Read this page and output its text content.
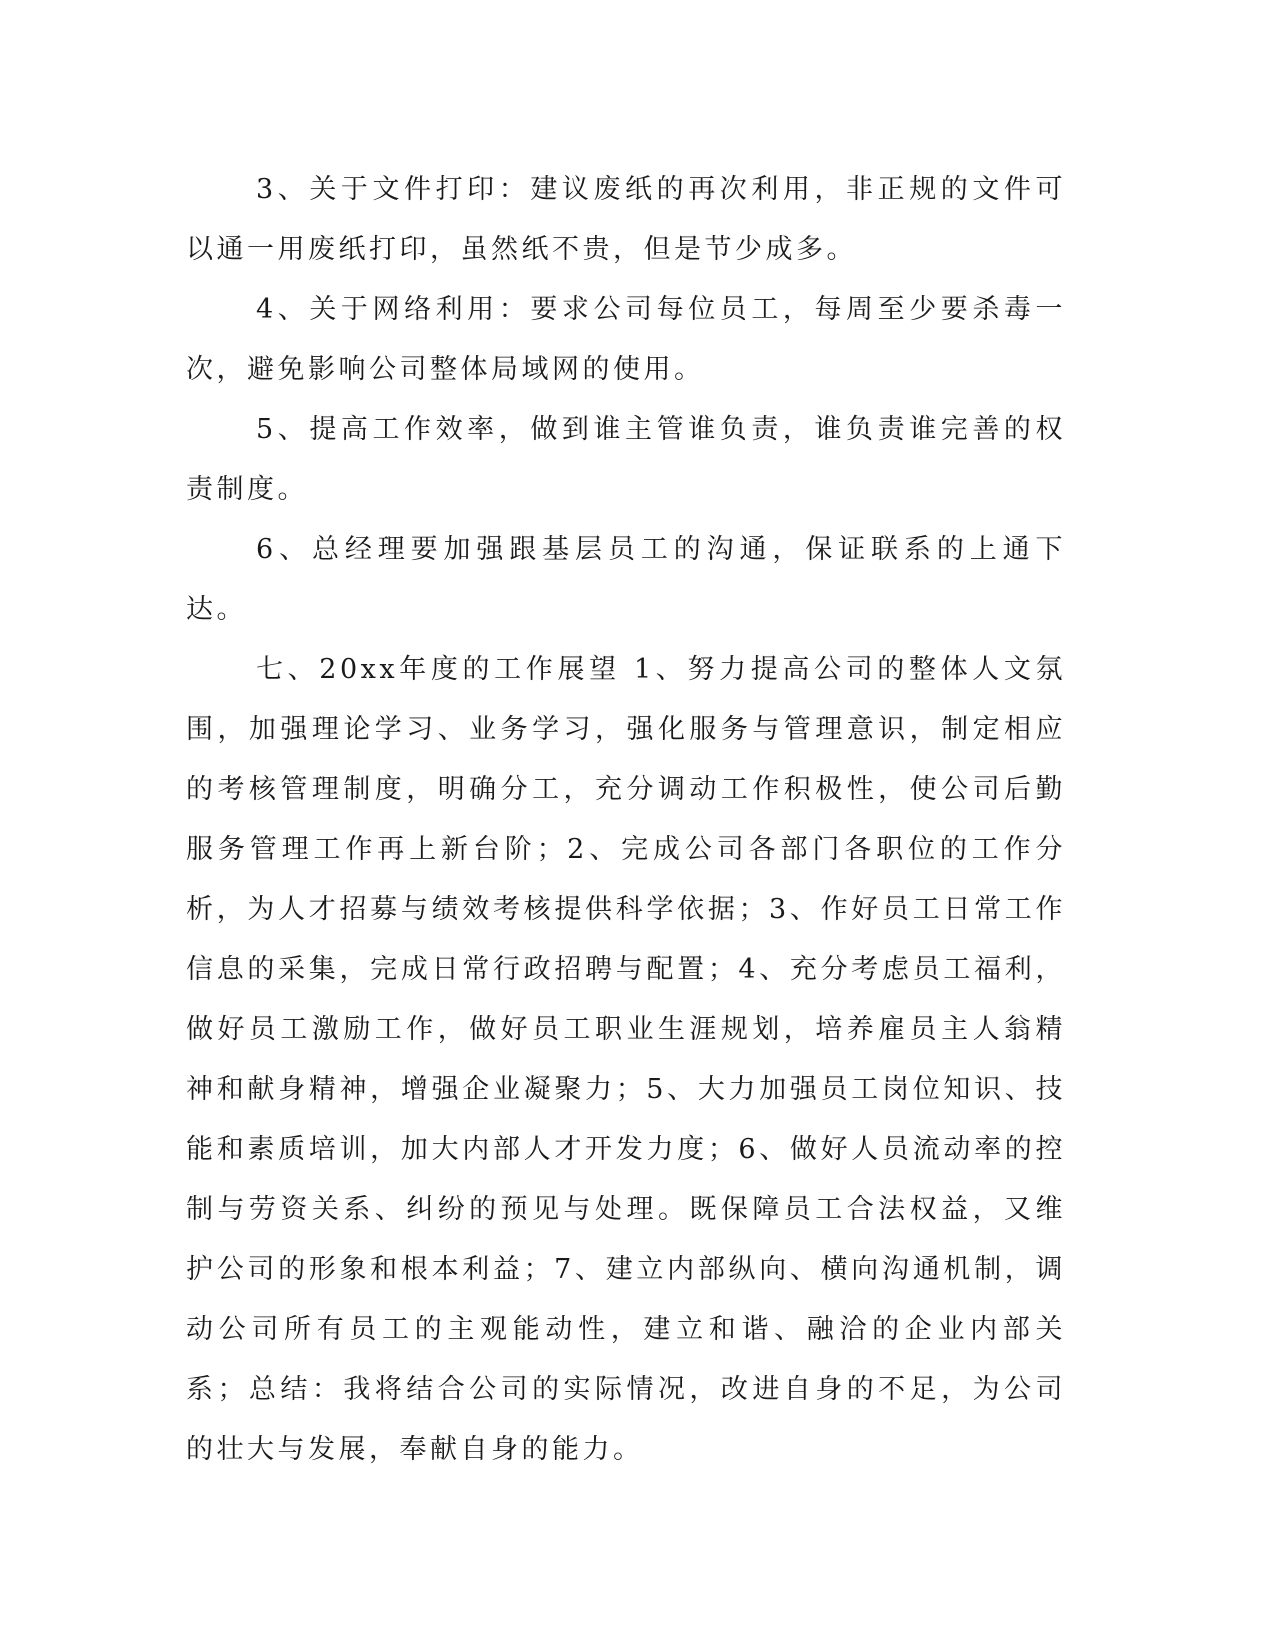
3、关于文件打印：建议废纸的再次利用，非正规的文件可以通一用废纸打印，虽然纸不贵，但是节少成多。

4、关于网络利用：要求公司每位员工，每周至少要杀毒一次，避免影响公司整体局域网的使用。

5、提高工作效率，做到谁主管谁负责，谁负责谁完善的权责制度。

6、总经理要加强跟基层员工的沟通，保证联系的上通下达。

七、20xx年度的工作展望 1、努力提高公司的整体人文氛围，加强理论学习、业务学习，强化服务与管理意识，制定相应的考核管理制度，明确分工，充分调动工作积极性，使公司后勤服务管理工作再上新台阶；2、完成公司各部门各职位的工作分析，为人才招募与绩效考核提供科学依据；3、作好员工日常工作信息的采集，完成日常行政招聘与配置；4、充分考虑员工福利，做好员工激励工作，做好员工职业生涯规划，培养雇员主人翁精神和献身精神，增强企业凝聚力；5、大力加强员工岗位知识、技能和素质培训，加大内部人才开发力度；6、做好人员流动率的控制与劳资关系、纠纷的预见与处理。既保障员工合法权益，又维护公司的形象和根本利益；7、建立内部纵向、横向沟通机制，调动公司所有员工的主观能动性，建立和谐、融洽的企业内部关系；总结：我将结合公司的实际情况，改进自身的不足，为公司的壮大与发展，奉献自身的能力。
